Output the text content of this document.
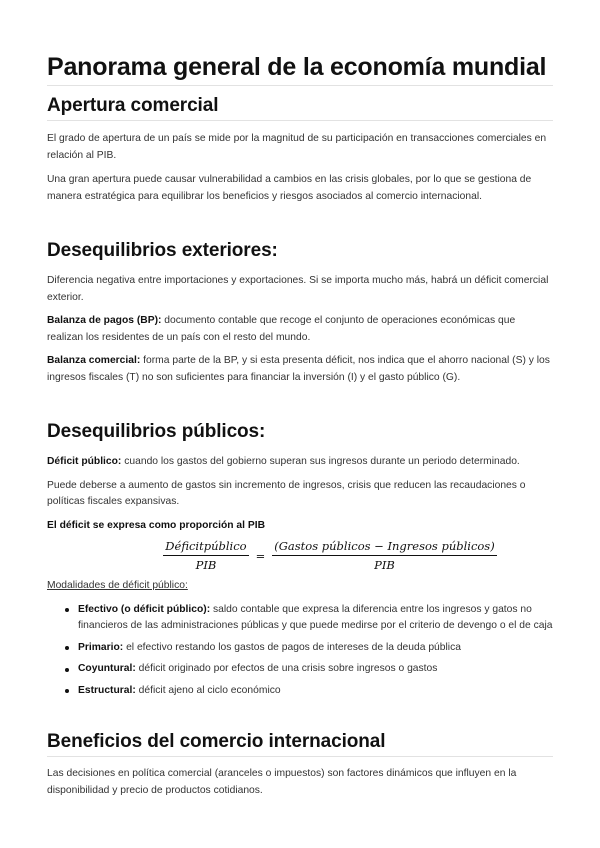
Panorama general de la economía mundial
Apertura comercial

El grado de apertura de un país se mide por la magnitud de su participación en transacciones comerciales en relación al PIB.

Una gran apertura puede causar vulnerabilidad a cambios en las crisis globales, por lo que se gestiona de manera estratégica para equilibrar los beneficios y riesgos asociados al comercio internacional.

Desequilibrios exteriores:

Diferencia negativa entre importaciones y exportaciones. Si se importa mucho más, habrá un déficit comercial exterior.

Balanza de pagos (BP): documento contable que recoge el conjunto de operaciones económicas que realizan los residentes de un país con el resto del mundo.

Balanza comercial: forma parte de la BP, y si esta presenta déficit, nos indica que el ahorro nacional (S) y los ingresos fiscales (T) no son suficientes para financiar la inversión (I) y el gasto público (G).

Desequilibrios públicos:

Déficit público: cuando los gastos del gobierno superan sus ingresos durante un periodo determinado.

Puede deberse a aumento de gastos sin incremento de ingresos, crisis que reducen las recaudaciones o políticas fiscales expansivas.

El déficit se expresa como proporción al PIB

$\frac{\text{Déficitpúblico}}{\text{PIB}} = \frac{\text{(Gastos públicos − Ingresos públicos)}}{\text{PIB}}$

Modalidades de déficit público:

Efectivo (o déficit público): saldo contable que expresa la diferencia entre los ingresos y gatos no financieros de las administraciones públicas y que puede medirse por el criterio de devengo o el de caja
Primario: el efectivo restando los gastos de pagos de intereses de la deuda pública
Coyuntural: déficit originado por efectos de una crisis sobre ingresos o gastos
Estructural: déficit ajeno al ciclo económico
Beneficios del comercio internacional

Las decisiones en política comercial (aranceles o impuestos) son factores dinámicos que influyen en la disponibilidad y precio de productos cotidianos.
